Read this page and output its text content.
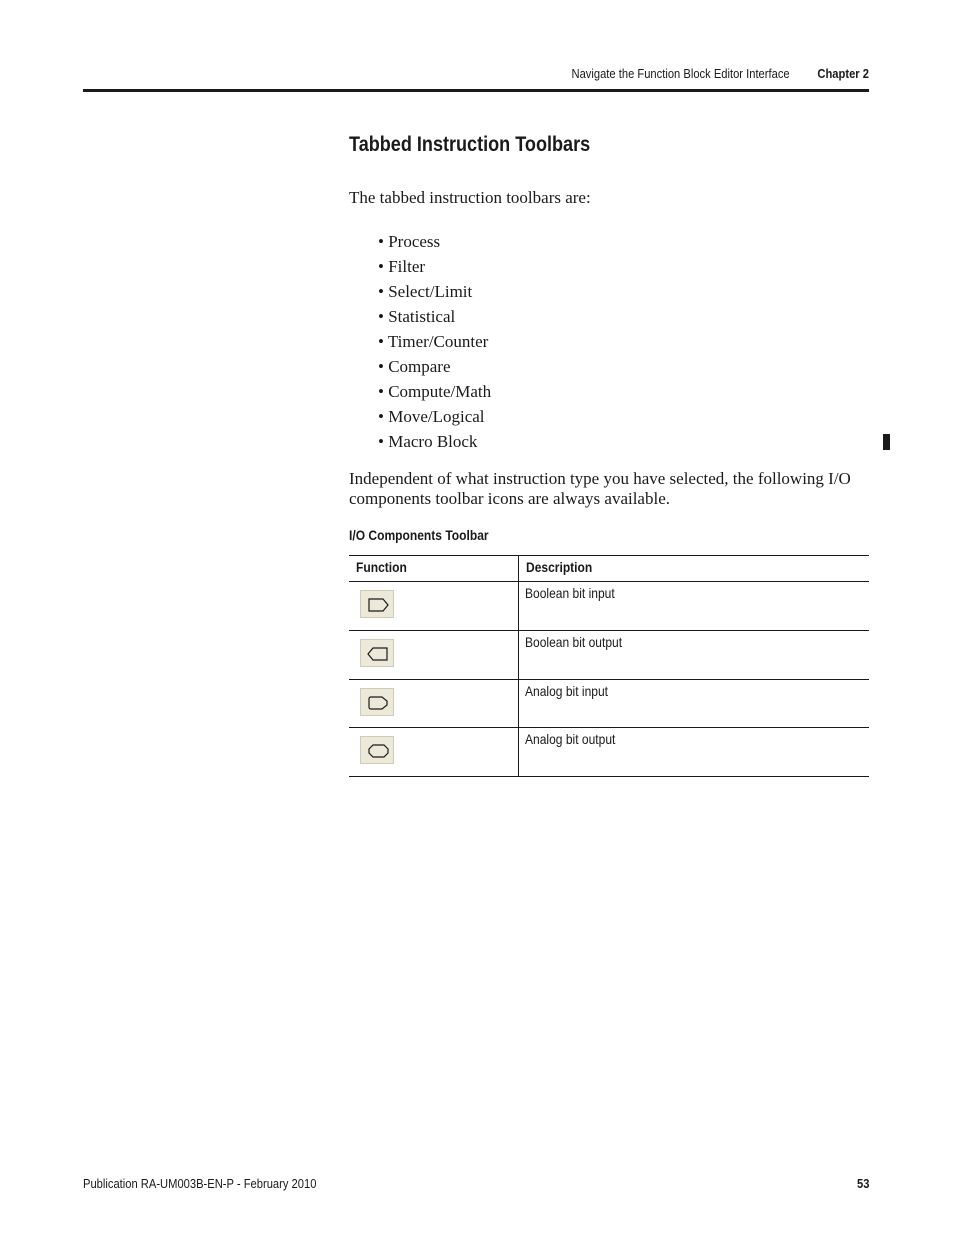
Navigate the Function Block Editor Interface Chapter 2
Tabbed Instruction Toolbars
The tabbed instruction toolbars are:
• Process
• Filter
• Select/Limit
• Statistical
• Timer/Counter
• Compare
• Compute/Math
• Move/Logical
• Macro Block
Independent of what instruction type you have selected, the following I/O components toolbar icons are always available.
I/O Components Toolbar
Function	Description
Boolean bit input
Boolean bit output
Analog bit input
Analog bit output
Publication RA-UM003B-EN-P - February 2010	53
